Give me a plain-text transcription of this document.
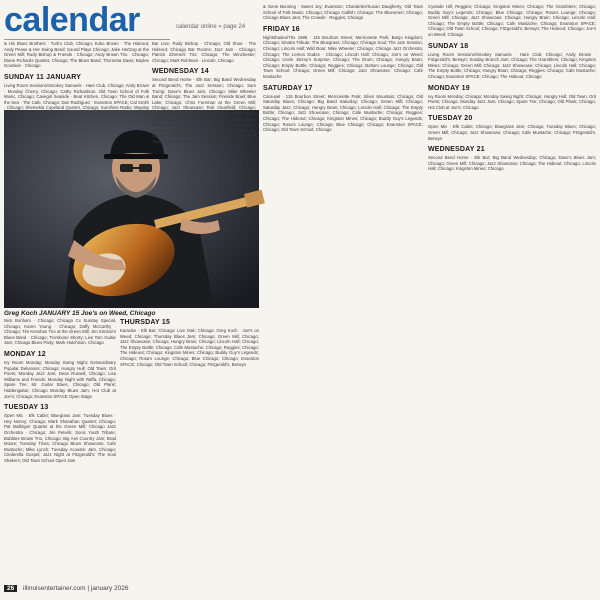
calendar	calendar online » page 24

& His Blues Brothers · Turk's Club, Chicago; Koko Brown · The Hideout; Andy Pease & Her Swing Band; Sound Plays Chicago; Jake Hertzog at the Green Mill; Rudy Bishop & Friends · Chicago; Andy Brown Trio · Chicago; Diane Richards Quartet, Chicago; The Blues Band; Thornetta Davis; Baylee Goodwin · Chicago

SUNDAY 11 JANUARY

Living Room Sessions/Smokey Samuels · Hare Club, Chicago; Andy Brown · Monday Cherry, Chicago; Cathy Richardson, Old Town School of Folk Music, Chicago; Cavegirl Seaside · Beat Kitchen, Chicago; The Old Man & the Sea · The Cafe, Chicago; Dan Rodriguez · Evanston SPACE; Cal Smith · Chicago; Shemekia Copeland Quartet, Chicago; Sunshine Radio; Mayday

Greg Koch JANUARY 15 Joe's on Weed, Chicago

Nick Bonham · Chicago; Chicago Cx Sunday Special, Chicago; Karen Young · Chicago; Daffy McCarthy · Chicago; Tim Keeshan Trio at the Green Mill; Jim Sinclair's Blues Band · Chicago; Trombone Shorty; Live Tom Guitar Jam; Chicago Blues Party; Mark Hutchison, Chicago

MONDAY 12

Ivy Room Monday; Monday Swing Night; Extraordinary Popular Delusions; Chicago; Hungry Hull; Old Town; Grit Poets; Monday Jazz Jam; Dean Russell, Chicago; Lisa Williams and Friends; Monday Night with Raffa, Chicago; Spare Tire; Mr. Guitar Blues, Chicago; Old Plank; Hiddenguitar; Chicago Monday Blues Jam; Hot Club at Joe's; Chicago; Evanston SPACE Open Stage

TUESDAY 13

Open Mic · Elk Cabin; Bluegrass Jam; Tuesday Blues · Hey Nonny; Chicago; Mark Shanahan Quartet; Chicago; Pat Mallinger Quartet at the Green Mill; Chicago Jazz Orchestra · Chicago; Jim Peterik; Sonic Youth Tribute; Bubbles Brown Trio, Chicago; Big Ass Country Jam; Brad Moore; Tuesday Trivia; Chicago Blues Showcase; Cafe Mustache; Mike Lynch; Tuesday Acoustic Jam, Chicago; Cinderella Gospel; Jazz Night at Fitzgerald's; The Soul Shakers; Old Town School Open Jam

Bar Live; Rudy Bishop · Chicago; Old Shoe · The Hideout; Chicago Bar Rooms; Jazz Jam · Chicago; Patrick Zimmerli Trio; Chicago; The Winchester; Chicago; Mark Ruhlman · Lincoln, Chicago

WEDNESDAY 14

Second Bend Home · Elk Bar; Big Band Wednesday at Fitzgerald's; The Jazz Session; Chicago; Sam Trump; Dave's Blues Jam; Chicago; Mike Wheeler Band; Chicago; The Jam Session; Fireside Bowl; Blue Lake; Chicago; Chris Foreman at the Green Mill; Chicago; Jazz Showcase; Rob Clearfield; Chicago; Andy Brown · Chicago; The Hideout; Cheer Hard; Chicago; Lincoln Hall; Chicago; Katie Ernst; Uptown; Chicago; The Empty Bottle; Chicago; Hungry Brain; Chicago; Alison Miller; Chicago; Cafe Mustache; Chicago; Wednesday Open Mic; Chicago; The Wild Hare; Chicago; Blues at Kingston Mines

THURSDAY 15

Karaoke · Elk Bar; Chicago; Live Oak; Chicago; Greg Koch · Joe's on Weed; Chicago; Thursday Blues Jam; Chicago; Green Mill; Chicago; Jazz Showcase; Chicago; Hungry Brain; Chicago; Lincoln Hall; Chicago; The Empty Bottle; Chicago; Cafe Mustache; Chicago; Reggies; Chicago; The Hideout; Chicago; Kingston Mines; Chicago; Buddy Guy's Legends; Chicago; Rosa's Lounge; Chicago; Blue Chicago; Chicago; Evanston SPACE; Chicago; Old Town School; Chicago; Fitzgerald's; Berwyn

& Gene Bunning · Sweet Joy; Evanston; Chandelier/Susan Daugherty; Old Town School of Folk Music; Chicago; Chicago Catfish; Chicago; The Bluesmen; Chicago; Chicago Blues Jam; The Crowds · Reggies; Chicago

FRIDAY 16

Nightshades/The 1985 · 115 Bourbon Street; Merrionette Park; Banjo Kingdom; Chicago; Sinatra Tribute; The Bluegrass; Chicago; Chicago Soul; The Jam Session; Chicago; Lincoln Hall; Wild Boar; Mike Wheeler; Chicago; Chicago Jazz Orchestra; Chicago; The Lemon Dudes · Chicago; Lincoln Hall; Chicago; Joe's on Weed; Chicago; Uncle Jimmy's Surprise; Chicago; The Drum; Chicago; Hungry Brain; Chicago; Empty Bottle; Chicago; Reggies; Chicago; Bottom Lounge; Chicago; Old Town School; Chicago; Green Mill; Chicago; Jazz Showcase; Chicago; Cafe Mustache

SATURDAY 17

Carousel · 115 Bourbon Street; Merrionette Park; Silver Mountain; Chicago; Old Saturday Blues; Chicago; Big Band Saturday; Chicago; Green Mill; Chicago; Saturday Jazz; Chicago; Hungry Brain; Chicago; Lincoln Hall; Chicago; The Empty Bottle; Chicago; Jazz Showcase; Chicago; Cafe Mustache; Chicago; Reggies; Chicago; The Hideout; Chicago; Kingston Mines; Chicago; Buddy Guy's Legends; Chicago; Rosa's Lounge; Chicago; Blue Chicago; Chicago; Evanston SPACE; Chicago; Old Town School; Chicago

Cyanide Hill; Reggies; Chicago; Kingston Mines; Chicago; The Gramblers; Chicago; Buddy Guy's Legends; Chicago; Blue Chicago; Chicago; Rosa's Lounge; Chicago; Green Mill; Chicago; Jazz Showcase; Chicago; Hungry Brain; Chicago; Lincoln Hall; Chicago; The Empty Bottle; Chicago; Cafe Mustache; Chicago; Evanston SPACE; Chicago; Old Town School; Chicago; Fitzgerald's; Berwyn; The Hideout; Chicago; Joe's on Weed; Chicago

SUNDAY 18

Living Room Sessions/Smokey Samuels · Hare Club; Chicago; Andy Brown · Fitzgerald's; Berwyn; Sunday Brunch Jam; Chicago; The Gramblers; Chicago; Kingston Mines; Chicago; Green Mill; Chicago; Jazz Showcase; Chicago; Lincoln Hall; Chicago; The Empty Bottle; Chicago; Hungry Brain; Chicago; Reggies; Chicago; Cafe Mustache; Chicago; Evanston SPACE; Chicago; The Hideout; Chicago

MONDAY 19

Ivy Room Monday; Chicago; Monday Swing Night; Chicago; Hungry Hull; Old Town; Grit Poets; Chicago; Monday Jazz Jam; Chicago; Spare Tire; Chicago; Old Plank; Chicago; Hot Club at Joe's; Chicago

TUESDAY 20

Open Mic · Elk Cabin; Chicago; Bluegrass Jam; Chicago; Tuesday Blues; Chicago; Green Mill; Chicago; Jazz Showcase; Chicago; Cafe Mustache; Chicago; Fitzgerald's; Berwyn

WEDNESDAY 21

Second Bend Home · Elk Bar; Big Band Wednesday; Chicago; Dave's Blues Jam; Chicago; Green Mill; Chicago; Jazz Showcase; Chicago; The Hideout; Chicago; Lincoln Hall; Chicago; Kingston Mines; Chicago

26 illinoisentertainer.com | january 2026
